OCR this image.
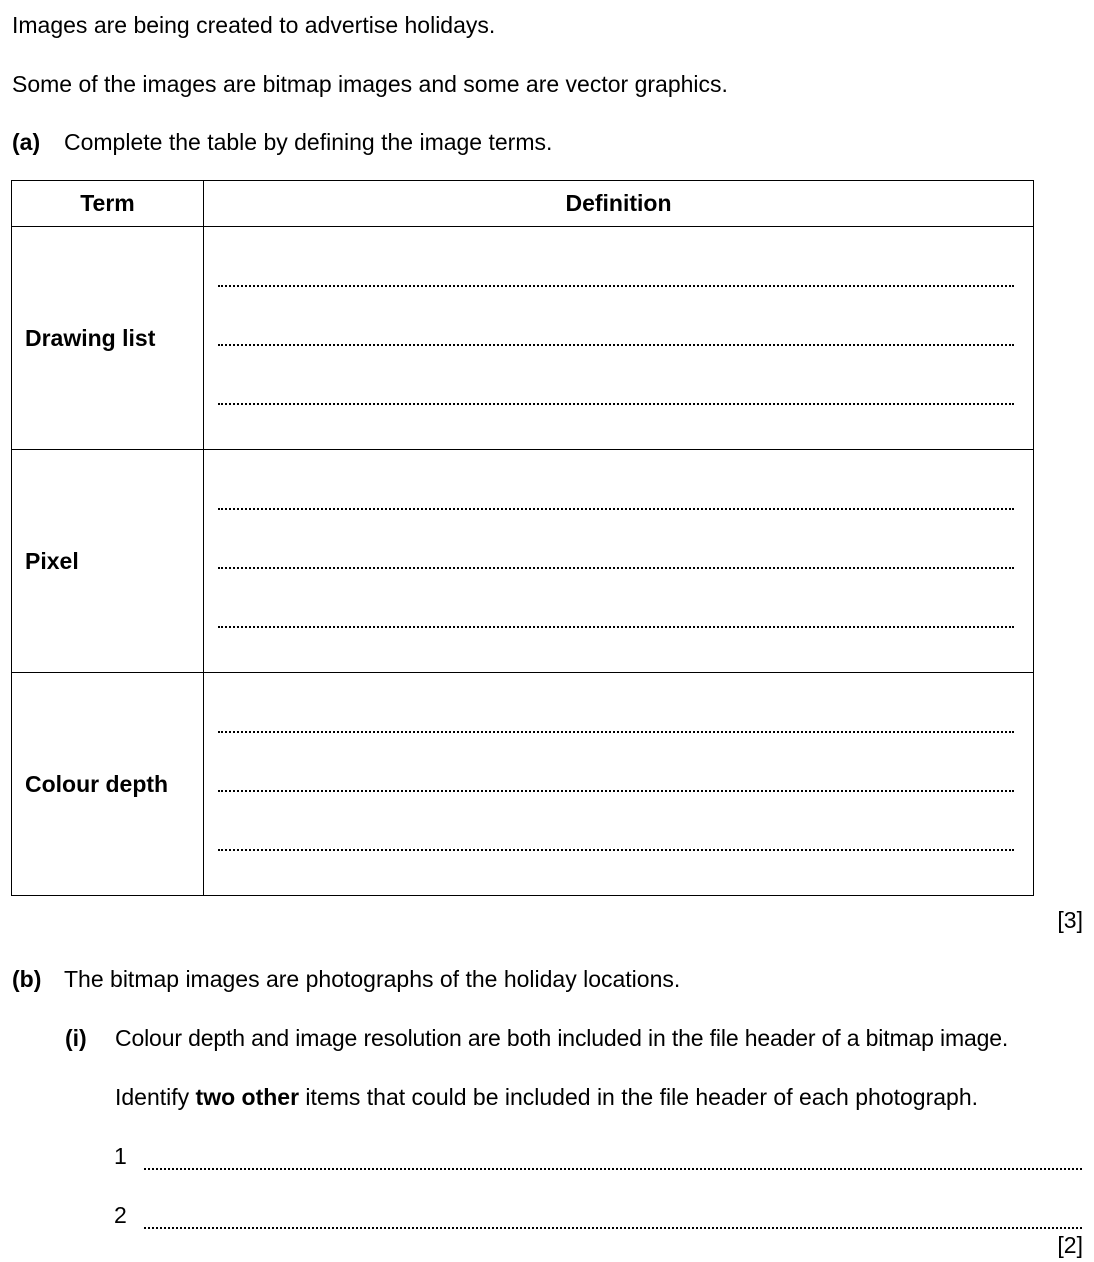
Images are being created to advertise holidays.
Some of the images are bitmap images and some are vector graphics.
(a) Complete the table by defining the image terms.
Term	Definition
Drawing list	

Pixel	

Colour depth	
[3]
(b) The bitmap images are photographs of the holiday locations.
(i) Colour depth and image resolution are both included in the file header of a bitmap image.
Identify two other items that could be included in the file header of each photograph.
1
2
[2]
